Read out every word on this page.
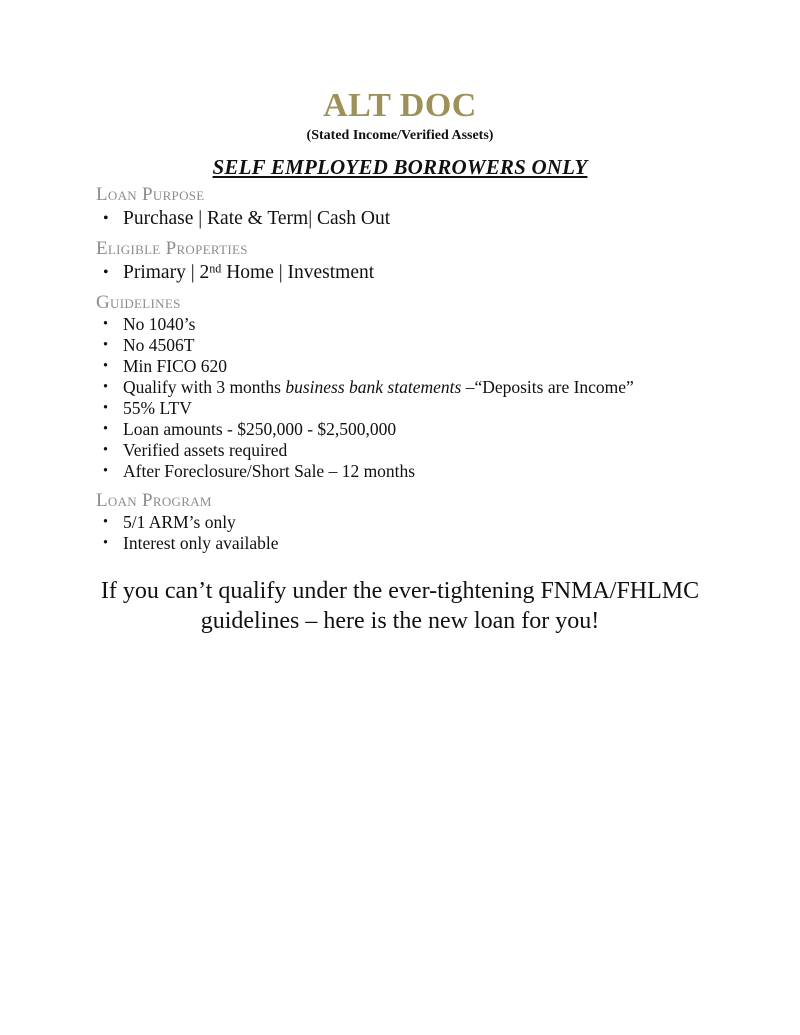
ALT DOC
(Stated Income/Verified Assets)
SELF EMPLOYED BORROWERS ONLY
Loan Purpose
• Purchase | Rate & Term| Cash Out
Eligible Properties
• Primary | 2nd Home | Investment
Guidelines
• No 1040’s
• No 4506T
• Min FICO 620
• Qualify with 3 months business bank statements –“Deposits are Income”
• 55% LTV
• Loan amounts - $250,000 - $2,500,000
• Verified assets required
• After Foreclosure/Short Sale – 12 months
Loan Program
• 5/1 ARM’s only
• Interest only available

If you can’t qualify under the ever-tightening FNMA/FHLMC

guidelines – here is the new loan for you!
